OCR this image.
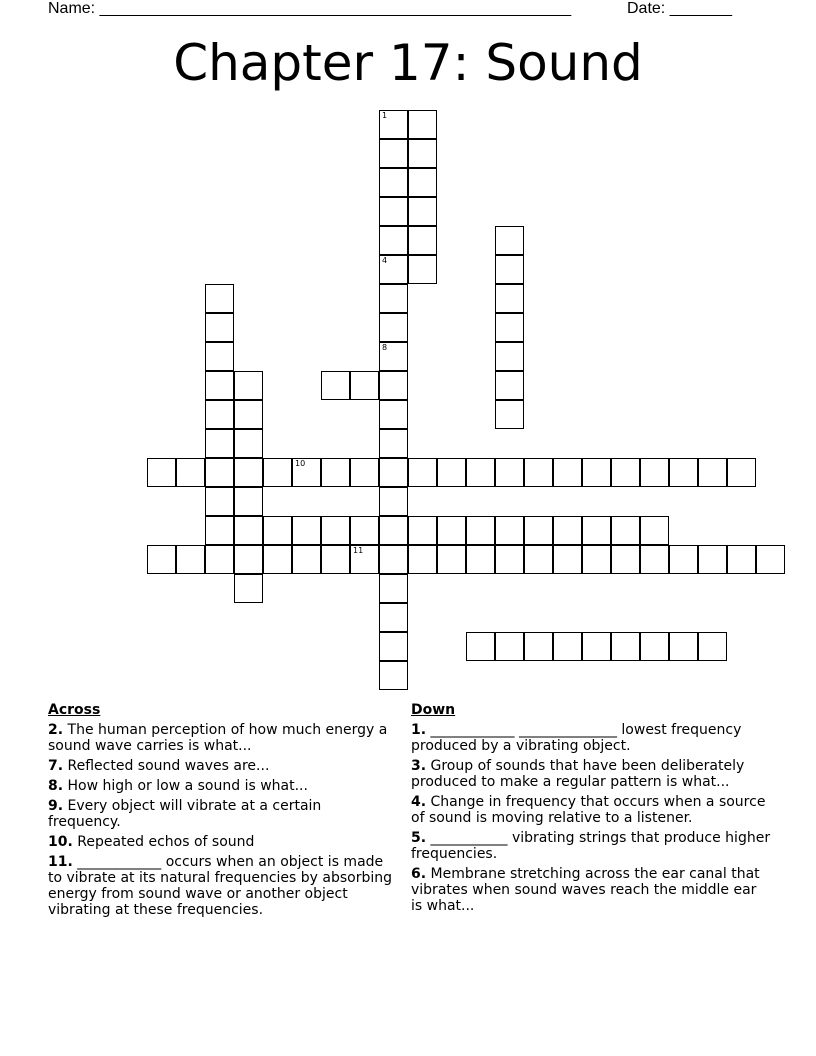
Name: _____________________________________________________	Date: _______
Chapter 17: Sound
1
4
8
10
11
Across
2. The human perception of how much energy a sound wave carries is what...
7. Reflected sound waves are...
8. How high or low a sound is what...
9. Every object will vibrate at a certain frequency.
10. Repeated echos of sound
11. ____________ occurs when an object is made to vibrate at its natural frequencies by absorbing energy from sound wave or another object vibrating at these frequencies.
Down
1. ____________ ______________ lowest frequency produced by a vibrating object.
3. Group of sounds that have been deliberately produced to make a regular pattern is what...
4. Change in frequency that occurs when a source of sound is moving relative to a listener.
5. ___________ vibrating strings that produce higher frequencies.
6. Membrane stretching across the ear canal that vibrates when sound waves reach the middle ear is what...
